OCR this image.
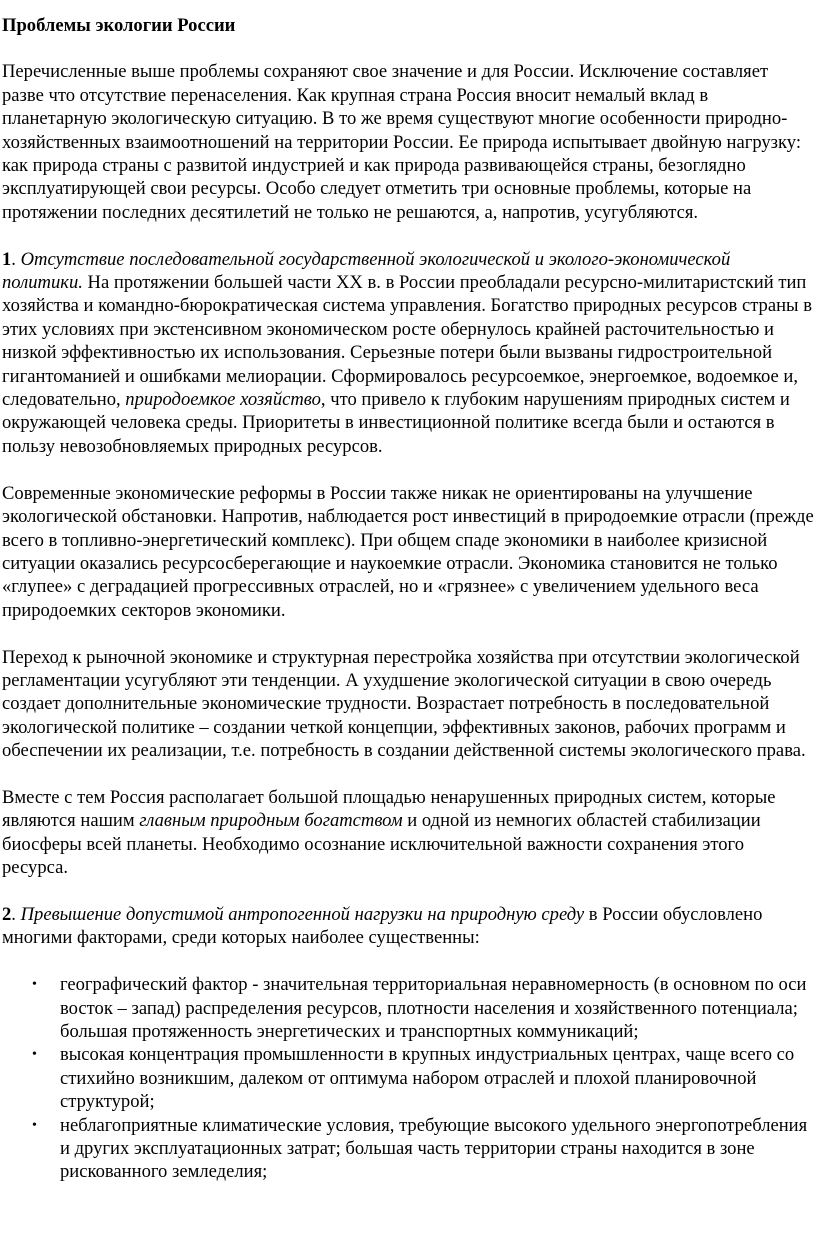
Проблемы экологии России

Перечисленные выше проблемы сохраняют свое значение и для России. Исключение составляет разве что отсутствие перенаселения. Как крупная страна Россия вносит немалый вклад в планетарную экологическую ситуацию. В то же время существуют многие особенности природно-хозяйственных взаимоотношений на территории России. Ее природа испытывает двойную нагрузку: как природа страны с развитой индустрией и как природа развивающейся страны, безоглядно эксплуатирующей свои ресурсы. Особо следует отметить три основные проблемы, которые на протяжении последних десятилетий не только не решаются, а, напротив, усугубляются.

1. Отсутствие последовательной государственной экологической и эколого-экономической политики. На протяжении большей части XX в. в России преобладали ресурсно-милитаристский тип хозяйства и командно-бюрократическая система управления. Богатство природных ресурсов страны в этих условиях при экстенсивном экономическом росте обернулось крайней расточительностью и низкой эффективностью их использования. Серьезные потери были вызваны гидростроительной гигантоманией и ошибками мелиорации. Сформировалось ресурсоемкое, энергоемкое, водоемкое и, следовательно, природоемкое хозяйство, что привело к глубоким нарушениям природных систем и окружающей человека среды. Приоритеты в инвестиционной политике всегда были и остаются в пользу невозобновляемых природных ресурсов.

Современные экономические реформы в России также никак не ориентированы на улучшение экологической обстановки. Напротив, наблюдается рост инвестиций в природоемкие отрасли (прежде всего в топливно-энергетический комплекс). При общем спаде экономики в наиболее кризисной ситуации оказались ресурсосберегающие и наукоемкие отрасли. Экономика становится не только «глупее» с деградацией прогрессивных отраслей, но и «грязнее» с увеличением удельного веса природоемких секторов экономики.

Переход к рыночной экономике и структурная перестройка хозяйства при отсутствии экологической регламентации усугубляют эти тенденции. А ухудшение экологической ситуации в свою очередь создает дополнительные экономические трудности. Возрастает потребность в последовательной экологической политике – создании четкой концепции, эффективных законов, рабочих программ и обеспечении их реализации, т.е. потребность в создании действенной системы экологического права.

Вместе с тем Россия располагает большой площадью ненарушенных природных систем, которые являются нашим главным природным богатством и одной из немногих областей стабилизации биосферы всей планеты. Необходимо осознание исключительной важности сохранения этого ресурса.

2. Превышение допустимой антропогенной нагрузки на природную среду в России обусловлено многими факторами, среди которых наиболее существенны:

• географический фактор - значительная территориальная неравномерность (в основном по оси восток – запад) распределения ресурсов, плотности населения и хозяйственного потенциала; большая протяженность энергетических и транспортных коммуникаций;
• высокая концентрация промышленности в крупных индустриальных центрах, чаще всего со стихийно возникшим, далеком от оптимума набором отраслей и плохой планировочной структурой;
• неблагоприятные климатические условия, требующие высокого удельного энергопотребления и других эксплуатационных затрат; большая часть территории страны находится в зоне рискованного земледелия;
